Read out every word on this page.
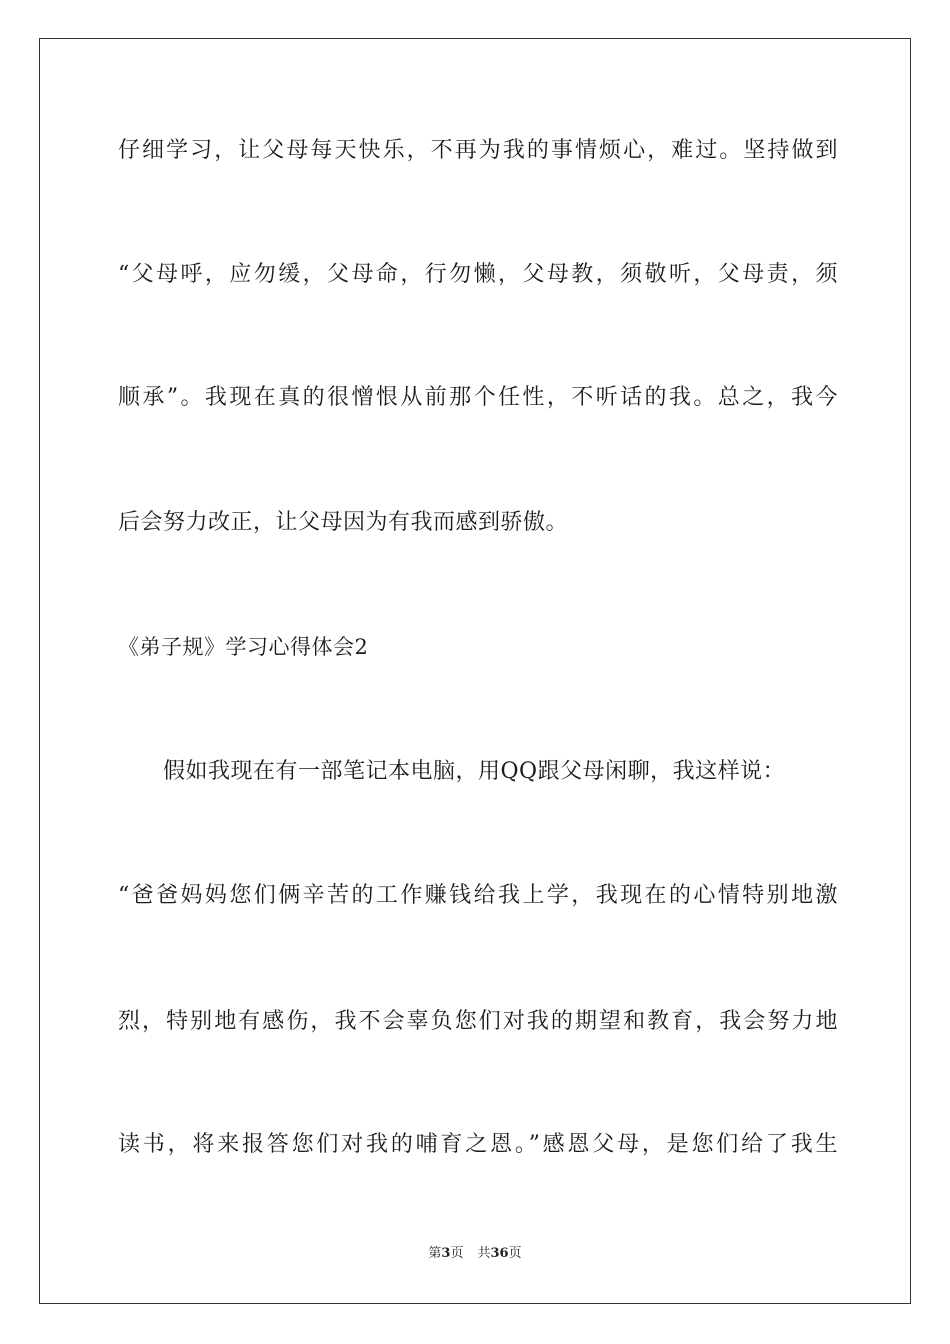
仔细学习，让父母每天快乐，不再为我的事情烦心，难过。坚持做到
“父母呼，应勿缓，父母命，行勿懒，父母教，须敬听，父母责，须
顺承”。我现在真的很憎恨从前那个任性，不听话的我。总之，我今
后会努力改正，让父母因为有我而感到骄傲。
《弟子规》学习心得体会2
假如我现在有一部笔记本电脑，用QQ跟父母闲聊，我这样说：
“爸爸妈妈您们俩辛苦的工作赚钱给我上学，我现在的心情特别地激
烈，特别地有感伤，我不会辜负您们对我的期望和教育，我会努力地
读书，将来报答您们对我的哺育之恩。”感恩父母，是您们给了我生
第3页 共36页
